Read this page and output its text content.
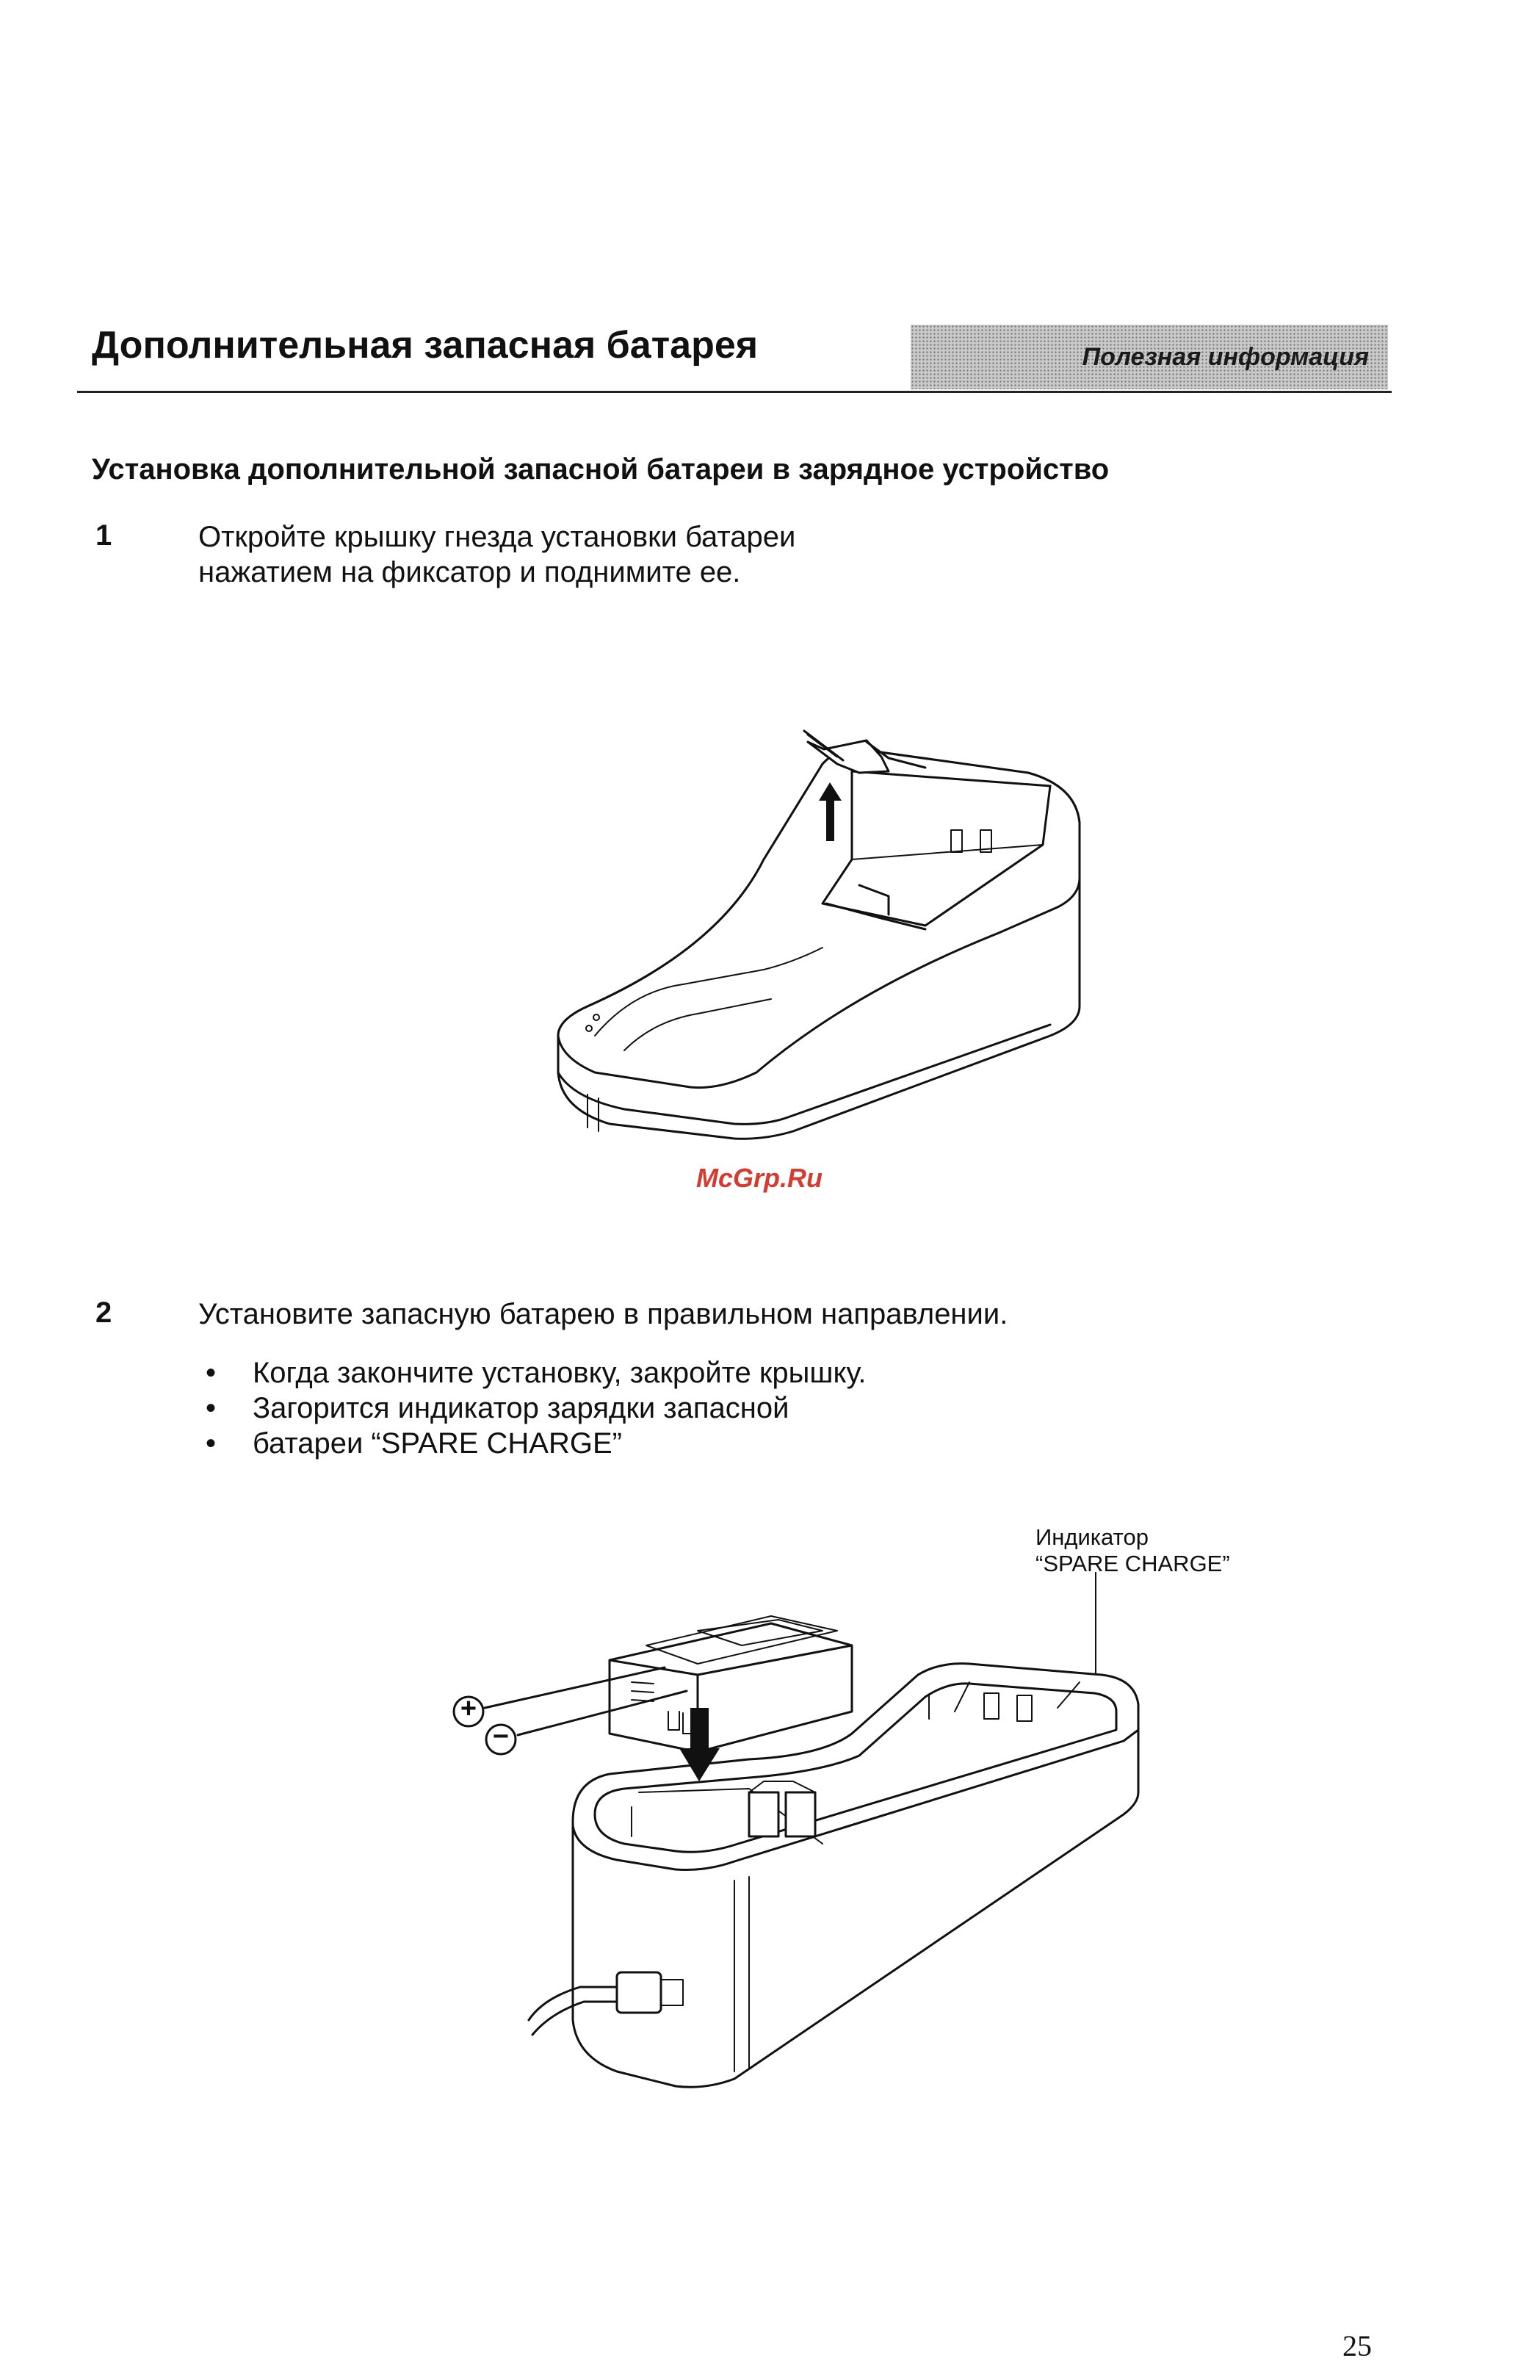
Дополнительная запасная батарея	Полезная информация
Установка дополнительной запасной батареи в зарядное устройство
1	Откройте крышку гнезда установки батареи
нажатием на фиксатор и поднимите ее.
McGrp.Ru
2	Установите запасную батарею в правильном направлении.
• Когда закончите установку, закройте крышку.
• Загорится индикатор зарядки запасной
• батареи “SPARE CHARGE”
Индикатор
“SPARE CHARGE”
+
−
25
